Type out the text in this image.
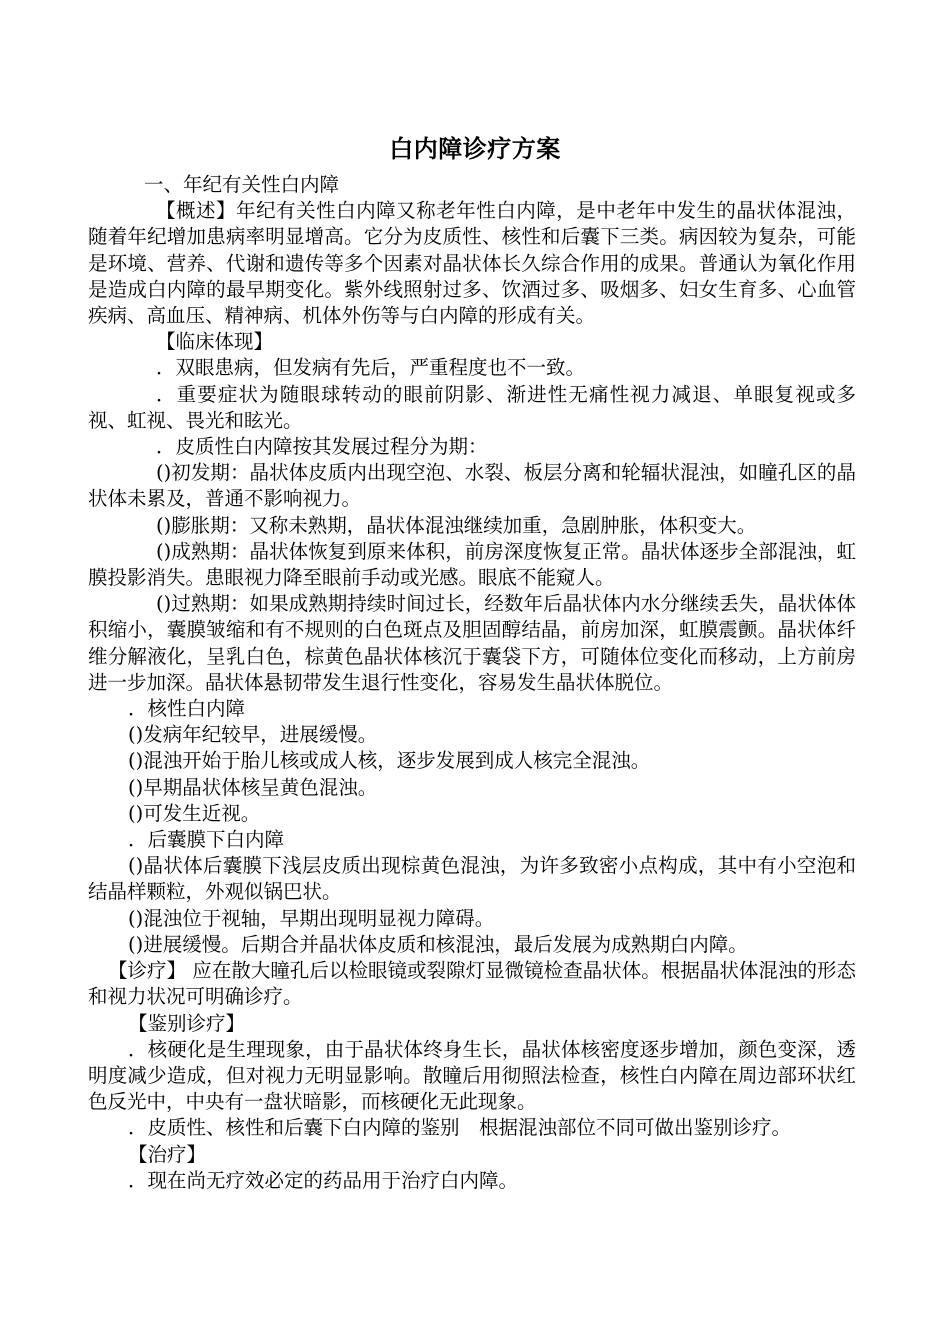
白内障诊疗方案

一、年纪有关性白内障

【概述】年纪有关性白内障又称老年性白内障，是中老年中发生的晶状体混浊，随着年纪增加患病率明显增高。它分为皮质性、核性和后囊下三类。病因较为复杂，可能是环境、营养、代谢和遗传等多个因素对晶状体长久综合作用的成果。普通认为氧化作用是造成白内障的最早期变化。紫外线照射过多、饮酒过多、吸烟多、妇女生育多、心血管疾病、高血压、精神病、机体外伤等与白内障的形成有关。

【临床体现】

．双眼患病，但发病有先后，严重程度也不一致。

．重要症状为随眼球转动的眼前阴影、渐进性无痛性视力减退、单眼复视或多视、虹视、畏光和眩光。

．皮质性白内障按其发展过程分为期：

()初发期：晶状体皮质内出现空泡、水裂、板层分离和轮辐状混浊，如瞳孔区的晶状体未累及，普通不影响视力。

()膨胀期：又称未熟期，晶状体混浊继续加重，急剧肿胀，体积变大。

()成熟期：晶状体恢复到原来体积，前房深度恢复正常。晶状体逐步全部混浊，虹膜投影消失。患眼视力降至眼前手动或光感。眼底不能窥人。

()过熟期：如果成熟期持续时间过长，经数年后晶状体内水分继续丢失，晶状体体积缩小，囊膜皱缩和有不规则的白色斑点及胆固醇结晶，前房加深，虹膜震颤。晶状体纤维分解液化，呈乳白色，棕黄色晶状体核沉于囊袋下方，可随体位变化而移动，上方前房进一步加深。晶状体悬韧带发生退行性变化，容易发生晶状体脱位。

．核性白内障

()发病年纪较早，进展缓慢。

()混浊开始于胎儿核或成人核，逐步发展到成人核完全混浊。

()早期晶状体核呈黄色混浊。

()可发生近视。

．后囊膜下白内障

()晶状体后囊膜下浅层皮质出现棕黄色混浊，为许多致密小点构成，其中有小空泡和结晶样颗粒，外观似锅巴状。

()混浊位于视轴，早期出现明显视力障碍。

()进展缓慢。后期合并晶状体皮质和核混浊，最后发展为成熟期白内障。

【诊疗】 应在散大瞳孔后以检眼镜或裂隙灯显微镜检查晶状体。根据晶状体混浊的形态和视力状况可明确诊疗。

【鉴别诊疗】

．核硬化是生理现象，由于晶状体终身生长，晶状体核密度逐步增加，颜色变深，透明度减少造成，但对视力无明显影响。散瞳后用彻照法检查，核性白内障在周边部环状红色反光中，中央有一盘状暗影，而核硬化无此现象。

．皮质性、核性和后囊下白内障的鉴别　根据混浊部位不同可做出鉴别诊疗。

【治疗】

．现在尚无疗效必定的药品用于治疗白内障。
